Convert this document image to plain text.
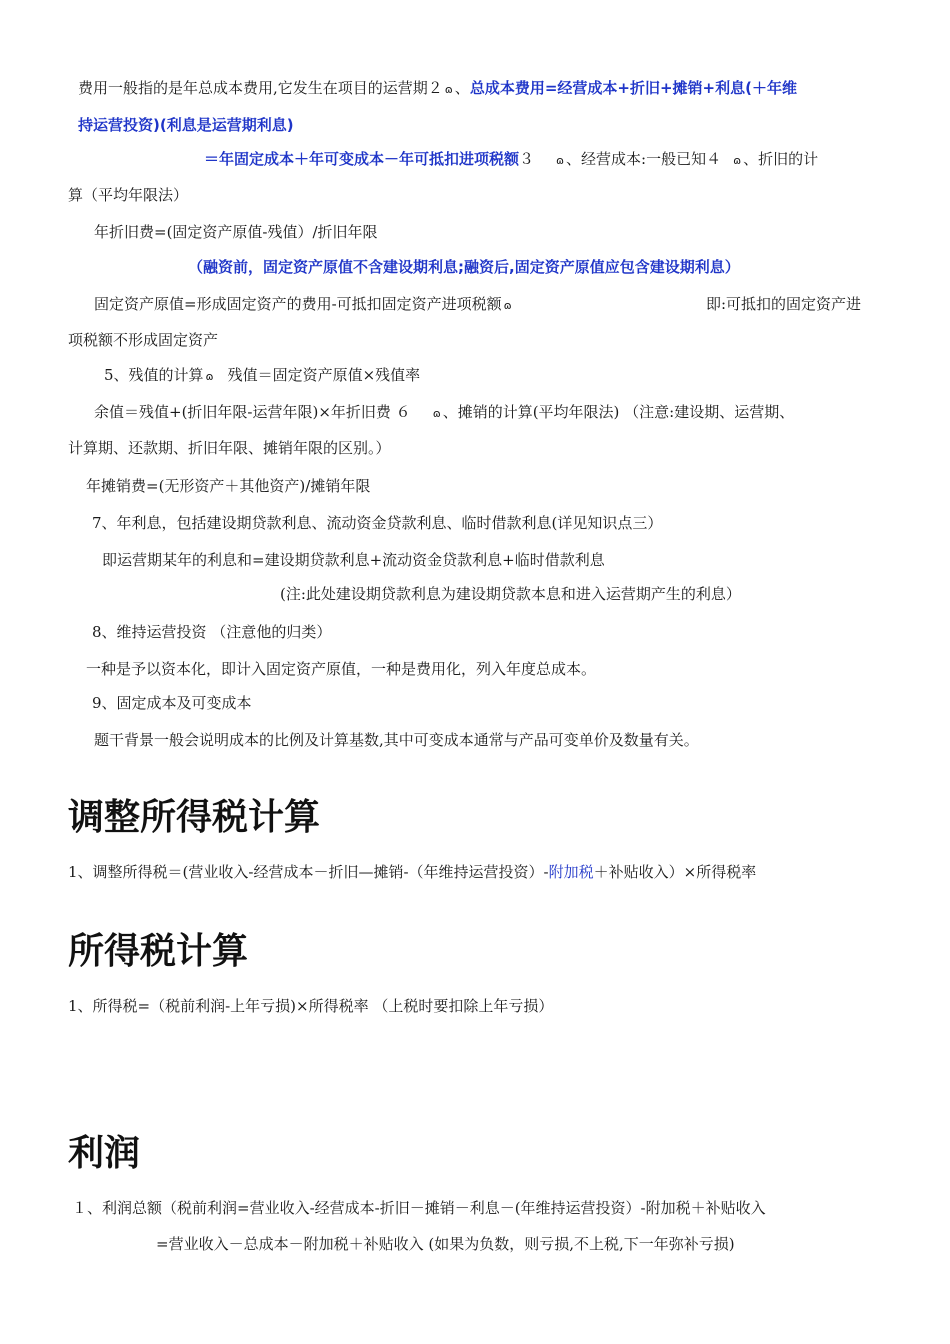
费用一般指的是年总成本费用,它发生在项目的运营期２ ɷ 、总成本费用=经营成本+折旧+摊销+利息(＋年维
持运营投资)(利息是运营期利息)
＝年固定成本＋年可变成本－年可抵扣进项税额３ ɷ 、经营成本:一般已知４ ɷ 、折旧的计
算（平均年限法）
年折旧费=(固定资产原值-残值）/折旧年限
（融资前，固定资产原值不含建设期利息;融资后,固定资产原值应包含建设期利息）
固定资产原值=形成固定资产的费用-可抵扣固定资产进项税额 ɷ	即:可抵扣的固定资产进
项税额不形成固定资产
5、残值的计算 ɷ 残值＝固定资产原值×残值率
余值＝残值+(折旧年限-运营年限)×年折旧费 ６ ɷ 、摊销的计算(平均年限法) （注意:建设期、运营期、
计算期、还款期、折旧年限、摊销年限的区别。）
年摊销费=(无形资产＋其他资产)/摊销年限
7、年利息，包括建设期贷款利息、流动资金贷款利息、临时借款利息(详见知识点三）
即运营期某年的利息和=建设期贷款利息+流动资金贷款利息+临时借款利息
(注:此处建设期贷款利息为建设期贷款本息和进入运营期产生的利息）
8、维持运营投资 （注意他的归类）
一种是予以资本化，即计入固定资产原值，一种是费用化，列入年度总成本。
9、固定成本及可变成本
题干背景一般会说明成本的比例及计算基数,其中可变成本通常与产品可变单价及数量有关。
调整所得税计算
1、调整所得税＝(营业收入-经营成本－折旧—摊销-（年维持运营投资）-附加税＋补贴收入）×所得税率
所得税计算
1、所得税=（税前利润-上年亏损)×所得税率 （上税时要扣除上年亏损）
利润
１、利润总额（税前利润=营业收入-经营成本-折旧－摊销－利息－(年维持运营投资）-附加税＋补贴收入
=营业收入－总成本－附加税＋补贴收入 (如果为负数，则亏损,不上税,下一年弥补亏损)
